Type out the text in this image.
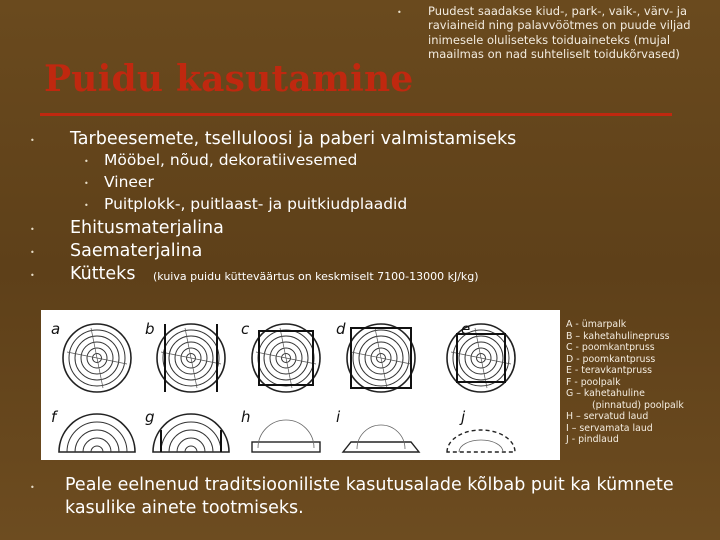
• Puudest saadakse kiud-, park-, vaik-, värv- ja raviaineid ning palavvöötmes on puude viljad inimesele oluliseteks toiduaineteks (mujal maailmas on nad suhteliselt toidukõrvased)
Puidu kasutamine
• Tarbeesemete, tselluloosi ja paberi valmistamiseks
• Mööbel, nõud, dekoratiivesemed
• Vineer
• Puitplokk-, puitlaast- ja puitkiudplaadid
• Ehitusmaterjalina
• Saematerjalina
• Kütteks (kuiva puidu kütteväärtus on keskmiselt 7100-13000 kJ/kg)
a	b	c	d	e
f	g	h	i	j
A - ümarpalk
B – kahetahulinepruss
C - poomkantpruss
D - poomkantpruss
E - teravkantpruss
F - poolpalk
G – kahetahuline
(pinnatud) poolpalk
H – servatud laud
I – servamata laud
J - pindlaud
• Peale eelnenud traditsiooniliste kasutusalade kõlbab puit ka kümnete kasulike ainete tootmiseks.
